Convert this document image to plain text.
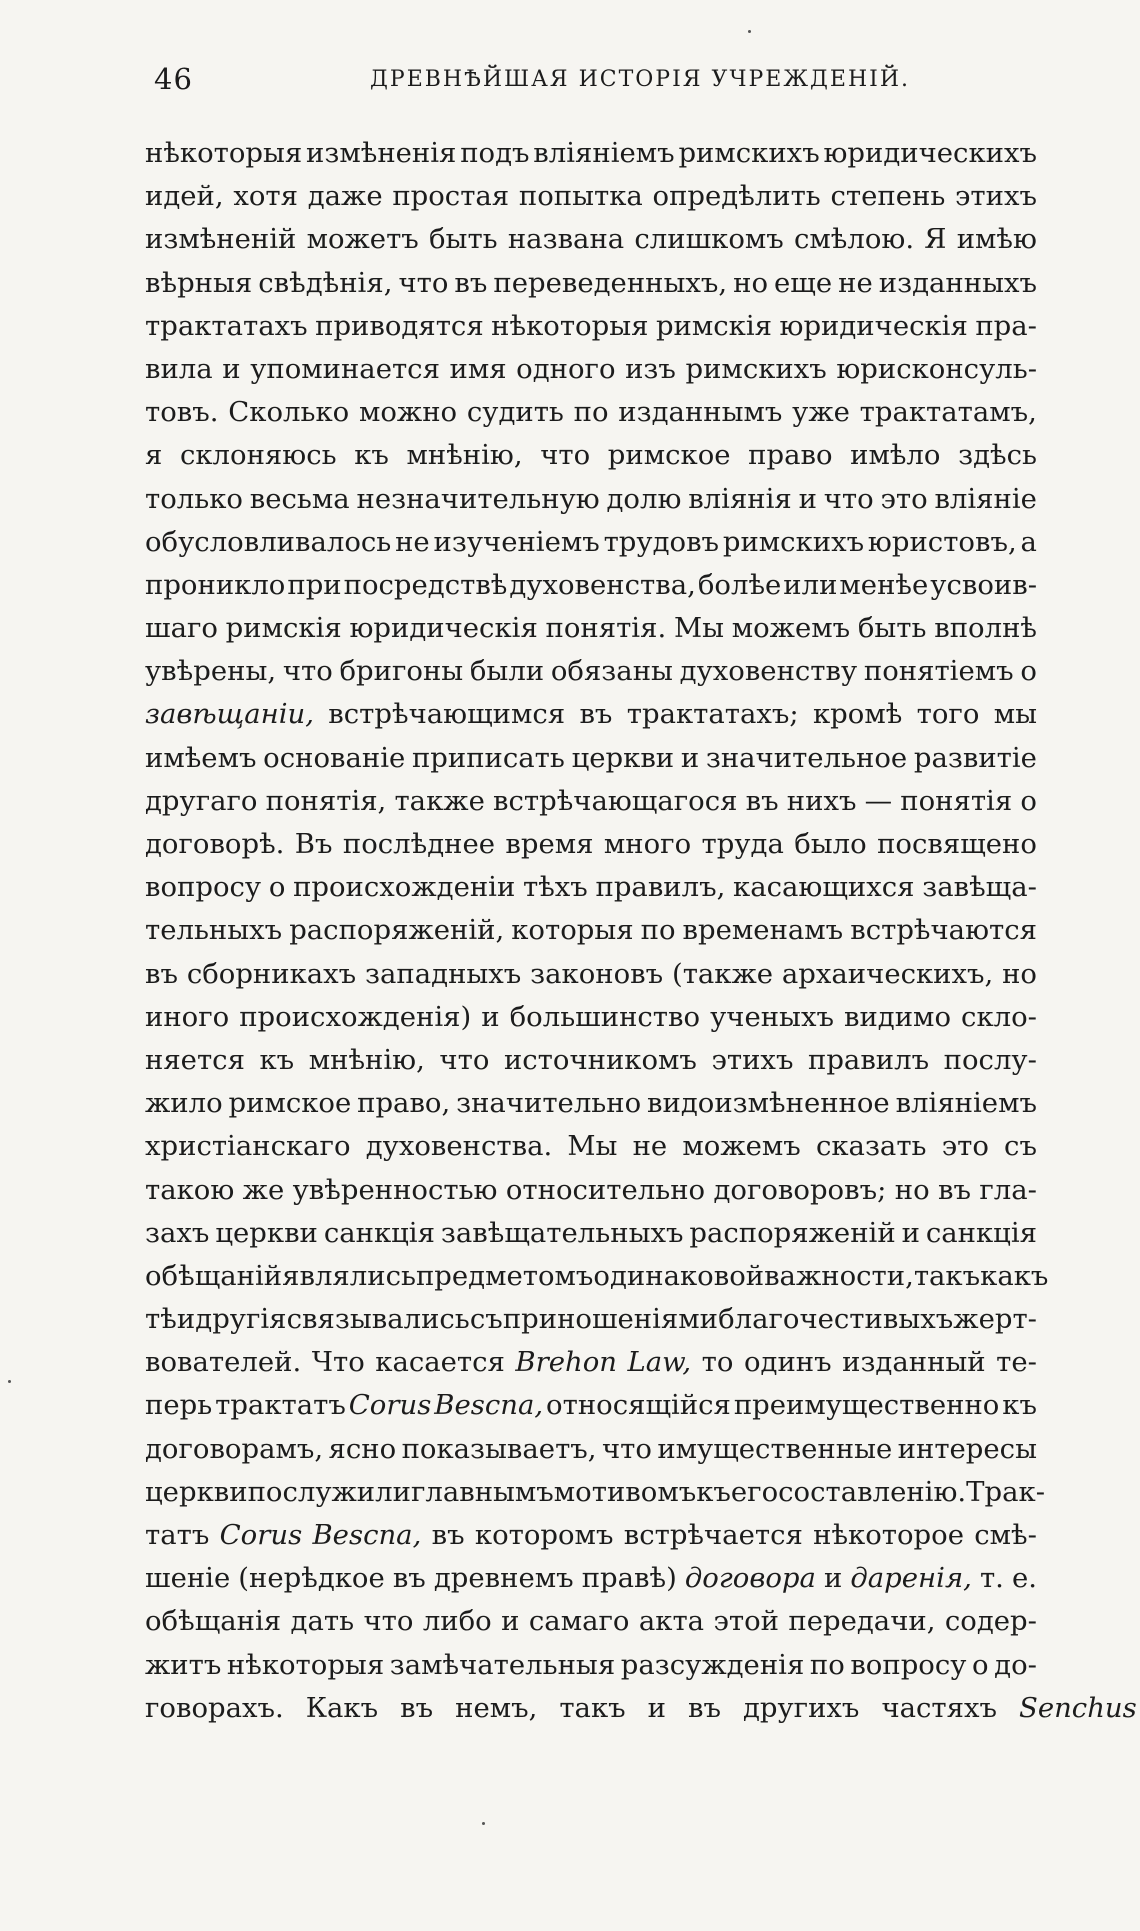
46	ДРЕВНѢЙШАЯ ИСТОРІЯ УЧРЕЖДЕНІЙ.
нѣкоторыя измѣненія подъ вліяніемъ римскихъ юридическихъ
идей, хотя даже простая попытка опредѣлить степень этихъ
измѣненій можетъ быть названа слишкомъ смѣлою. Я имѣю
вѣрныя свѣдѣнія, что въ переведенныхъ, но еще не изданныхъ
трактатахъ приводятся нѣкоторыя римскія юридическія пра-
вила и упоминается имя одного изъ римскихъ юрисконсуль-
товъ. Сколько можно судить по изданнымъ уже трактатамъ,
я склоняюсь къ мнѣнію, что римское право имѣло здѣсь
только весьма незначительную долю вліянія и что это вліяніе
обусловливалось не изученіемъ трудовъ римскихъ юристовъ, а
проникло при посредствѣ духовенства, болѣе или менѣе усвоив-
шаго римскія юридическія понятія. Мы можемъ быть вполнѣ
увѣрены, что бригоны были обязаны духовенству понятіемъ о
завѣщаніи, встрѣчающимся въ трактатахъ; кромѣ того мы
имѣемъ основаніе приписать церкви и значительное развитіе
другаго понятія, также встрѣчающагося въ нихъ — понятія о
договорѣ. Въ послѣднее время много труда было посвящено
вопросу о происхожденіи тѣхъ правилъ, касающихся завѣща-
тельныхъ распоряженій, которыя по временамъ встрѣчаются
въ сборникахъ западныхъ законовъ (также архаическихъ, но
иного происхожденія) и большинство ученыхъ видимо скло-
няется къ мнѣнію, что источникомъ этихъ правилъ послу-
жило римское право, значительно видоизмѣненное вліяніемъ
христіанскаго духовенства. Мы не можемъ сказать это съ
такою же увѣренностью относительно договоровъ; но въ гла-
захъ церкви санкція завѣщательныхъ распоряженій и санкція
обѣщаній являлись предметомъ одинаковой важности, такъ какъ
тѣ и другія связывались съ приношеніями благочестивыхъ жерт-
вователей. Что касается Brehon Law, то одинъ изданный те-
перь трактатъ Corus Bescna, относящійся преимущественно къ
договорамъ, ясно показываетъ, что имущественные интересы
церкви послужили главнымъ мотивомъ къ его составленію. Трак-
татъ Corus Bescna, въ которомъ встрѣчается нѣкоторое смѣ-
шеніе (нерѣдкое въ древнемъ правѣ) договора и даренія, т. е.
обѣщанія дать что либо и самаго акта этой передачи, содер-
житъ нѣкоторыя замѣчательныя разсужденія по вопросу о до-
говорахъ. Какъ въ немъ, такъ и въ другихъ частяхъ Senchus
